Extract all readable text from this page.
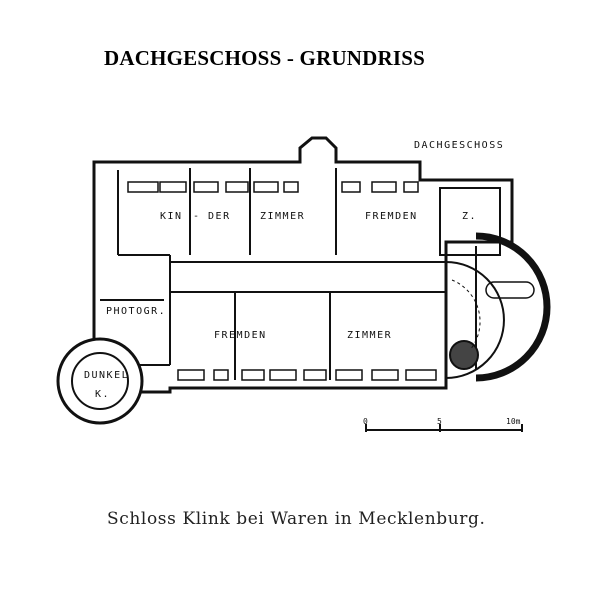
DACHGESCHOSS - GRUNDRISS
DACHGESCHOSS
KIN - DER	ZIMMER	FREMDEN	Z.
PHOTOGR.
FREMDEN	ZIMMER
DUNKEL
K.
0	5	10m
Schloss Klink bei Waren in Mecklenburg.
